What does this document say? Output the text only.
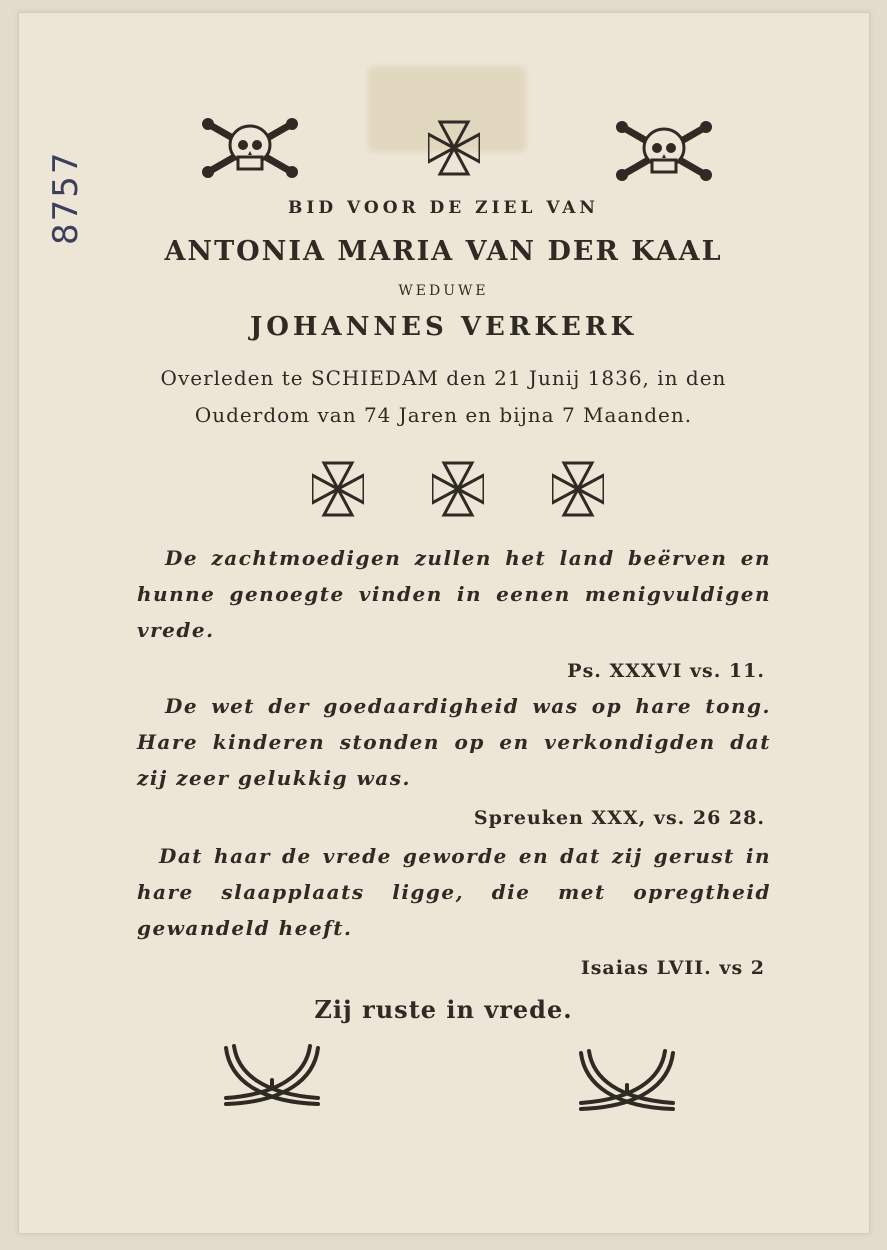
8757	BID VOOR DE ZIEL VAN
ANTONIA MARIA VAN DER KAAL
WEDUWE
JOHANNES VERKERK
Overleden te SCHIEDAM den 21 Junij 1836, in den
Ouderdom van 74 Jaren en bijna 7 Maanden.
De zachtmoedigen zullen het land beërven en hunne genoegte vinden in eenen menigvuldigen vrede.
Ps. XXXVI vs. 11.
De wet der goedaardigheid was op hare tong. Hare kinderen stonden op en verkondigden dat zij zeer gelukkig was.
Spreuken XXX, vs. 26 28.
Dat haar de vrede geworde en dat zij gerust in hare slaapplaats ligge, die met opregtheid gewandeld heeft.
Isaias LVII. vs 2
Zij ruste in vrede.
